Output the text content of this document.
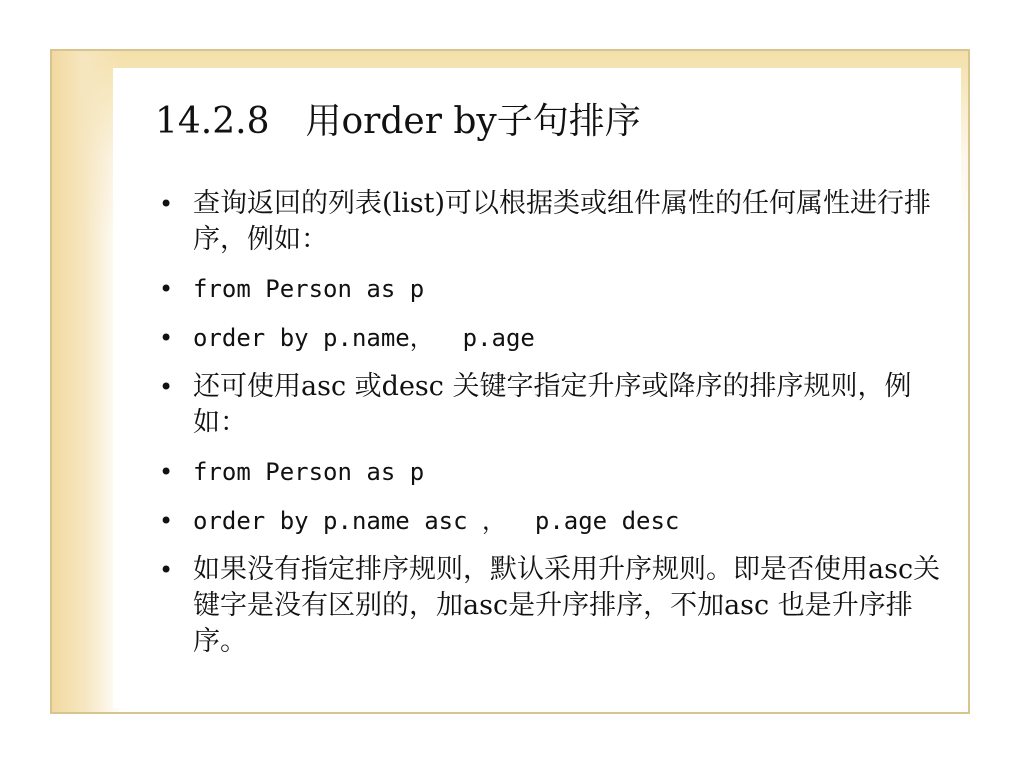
14.2.8　用order by子句排序
• 查询返回的列表(list)可以根据类或组件属性的任何属性进行排序，例如：
• from Person as p
• order by p.name，  p.age
• 还可使用asc 或desc 关键字指定升序或降序的排序规则，例如：
• from Person as p
• order by p.name asc ，  p.age desc
• 如果没有指定排序规则，默认采用升序规则。即是否使用asc关键字是没有区别的，加asc是升序排序，不加asc 也是升序排序。
